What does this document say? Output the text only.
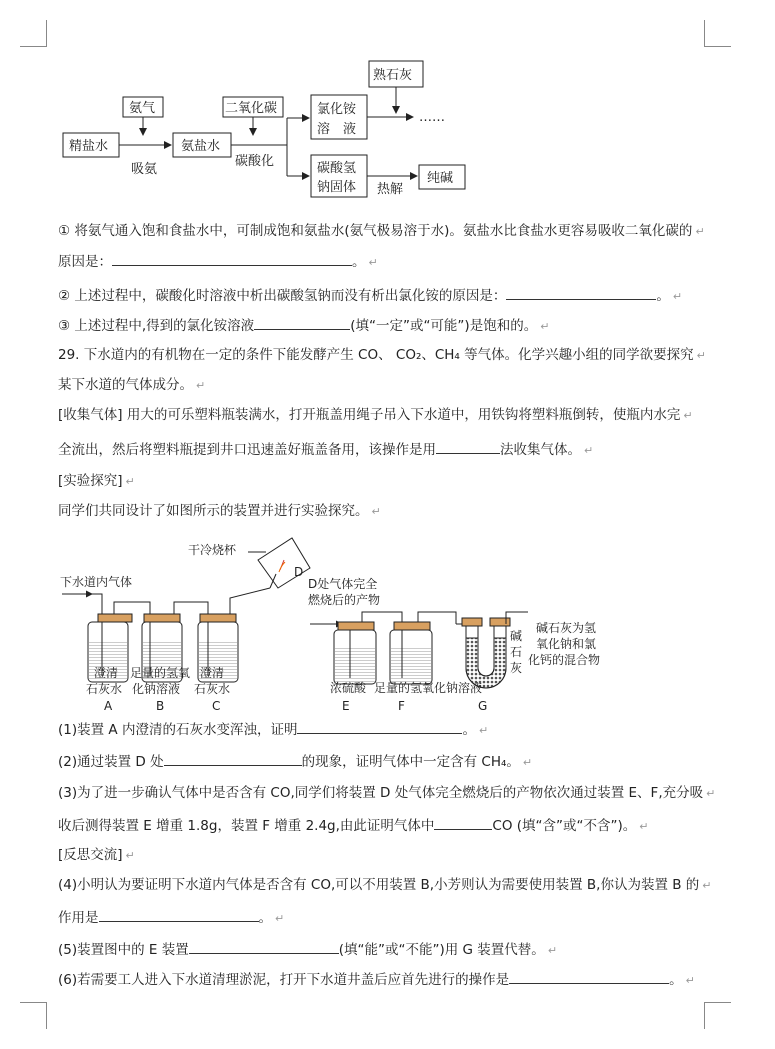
精盐水
氨气
吸氨
氨盐水
二氧化碳
碳酸化
氯化铵
溶　液
熟石灰
……
碳酸氢
钠固体 热解
纯碱
① 将氨气通入饱和食盐水中，可制成饱和氨盐水(氨气极易溶于水)。氨盐水比食盐水更容易吸收二氧化碳的 ↵
原因是：	。 ↵
② 上述过程中，碳酸化时溶液中析出碳酸氢钠而没有析出氯化铵的原因是：	。 ↵
③ 上述过程中,得到的氯化铵溶液	(填“一定”或“可能”)是饱和的。 ↵
29. 下水道内的有机物在一定的条件下能发酵产生 CO、 CO₂、CH₄ 等气体。化学兴趣小组的同学欲要探究 ↵
某下水道的气体成分。 ↵
[收集气体] 用大的可乐塑料瓶装满水，打开瓶盖用绳子吊入下水道中，用铁钩将塑料瓶倒转，使瓶内水完 ↵
全流出，然后将塑料瓶提到井口迅速盖好瓶盖备用，该操作是用	法收集气体。 ↵
[实验探究] ↵
同学们共同设计了如图所示的装置并进行实验探究。 ↵
(1)装置 A 内澄清的石灰水变浑浊，证明	。 ↵
(2)通过装置 D 处	的现象，证明气体中一定含有 CH₄。 ↵
(3)为了进一步确认气体中是否含有 CO,同学们将装置 D 处气体完全燃烧后的产物依次通过装置 E、F,充分吸 ↵
收后测得装置 E 增重 1.8g，装置 F 增重 2.4g,由此证明气体中	CO (填“含”或“不含”)。 ↵
[反思交流] ↵
(4)小明认为要证明下水道内气体是否含有 CO,可以不用装置 B,小芳则认为需要使用装置 B,你认为装置 B 的 ↵
作用是	。 ↵
(5)装置图中的 E 装置	(填“能”或“不能”)用 G 装置代替。 ↵
(6)若需要工人进入下水道清理淤泥，打开下水道井盖后应首先进行的操作是	。 ↵
干冷烧杯
D
下水道内气体	D处气体完全
燃烧后的产物
澄清
石灰水
足量的氢氧
化钠溶液
澄清
石灰水
A	B	C
浓硫酸 足量的氢氧化钠溶液
E	F	G
碱
石
灰
碱石灰为氢
氧化钠和氯
化钙的混合物
